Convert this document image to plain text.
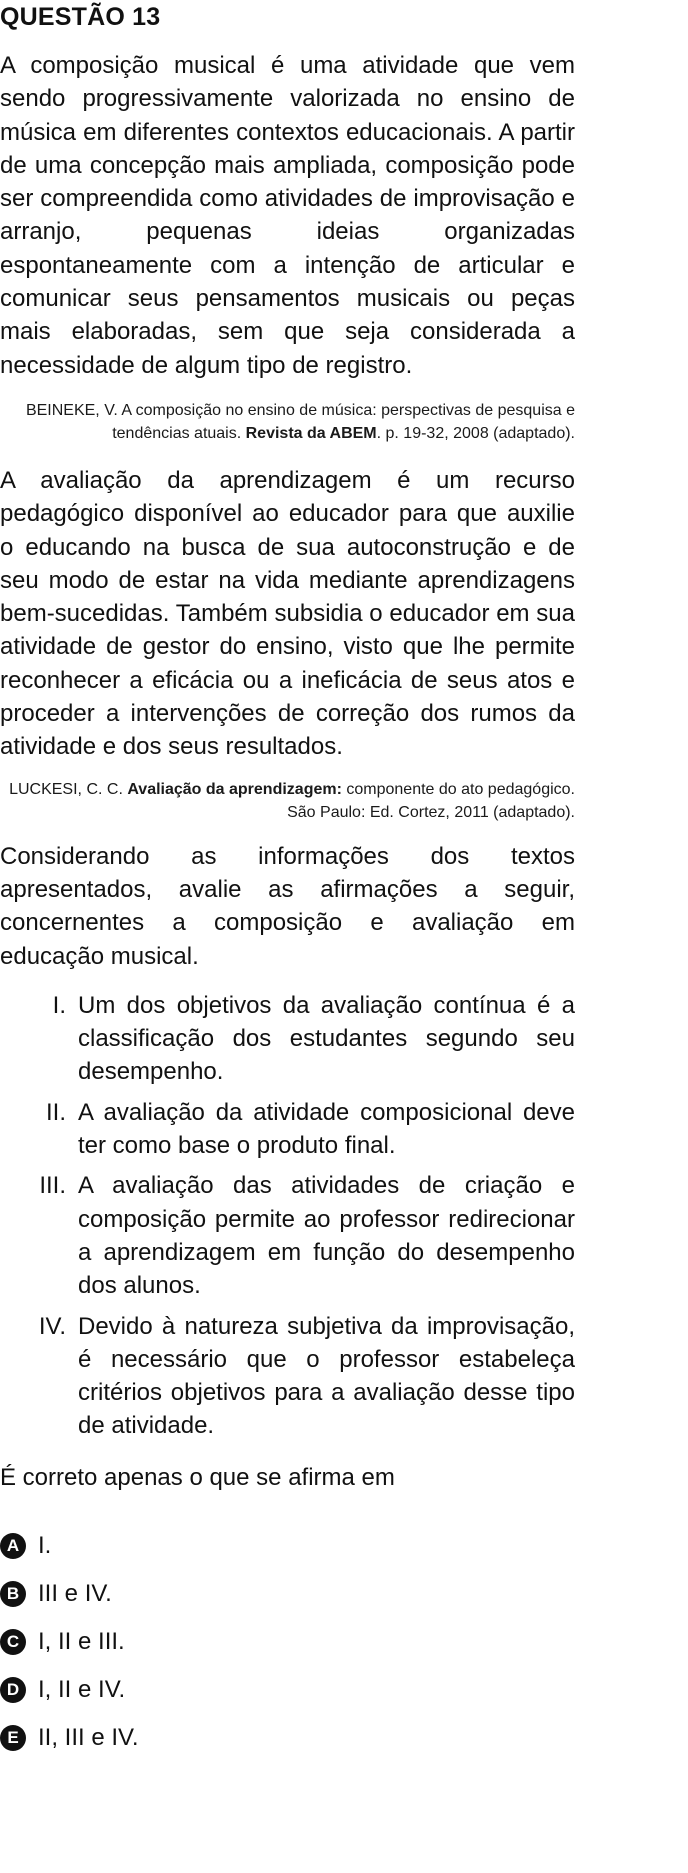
QUESTÃO 13

A composição musical é uma atividade que vem sendo progressivamente valorizada no ensino de música em diferentes contextos educacionais. A partir de uma concepção mais ampliada, composição pode ser compreendida como atividades de improvisação e arranjo, pequenas ideias organizadas espontaneamente com a intenção de articular e comunicar seus pensamentos musicais ou peças mais elaboradas, sem que seja considerada a necessidade de algum tipo de registro.

BEINEKE, V. A composição no ensino de música: perspectivas de pesquisa e tendências atuais. Revista da ABEM. p. 19-32, 2008 (adaptado).

A avaliação da aprendizagem é um recurso pedagógico disponível ao educador para que auxilie o educando na busca de sua autoconstrução e de seu modo de estar na vida mediante aprendizagens bem-sucedidas. Também subsidia o educador em sua atividade de gestor do ensino, visto que lhe permite reconhecer a eficácia ou a ineficácia de seus atos e proceder a intervenções de correção dos rumos da atividade e dos seus resultados.

LUCKESI, C. C. Avaliação da aprendizagem: componente do ato pedagógico. São Paulo: Ed. Cortez, 2011 (adaptado).

Considerando as informações dos textos apresentados, avalie as afirmações a seguir, concernentes a composição e avaliação em educação musical.

I. Um dos objetivos da avaliação contínua é a classificação dos estudantes segundo seu desempenho.
II. A avaliação da atividade composicional deve ter como base o produto final.
III. A avaliação das atividades de criação e composição permite ao professor redirecionar a aprendizagem em função do desempenho dos alunos.
IV. Devido à natureza subjetiva da improvisação, é necessário que o professor estabeleça critérios objetivos para a avaliação desse tipo de atividade.

É correto apenas o que se afirma em

A I.
B III e IV.
C I, II e III.
D I, II e IV.
E II, III e IV.
